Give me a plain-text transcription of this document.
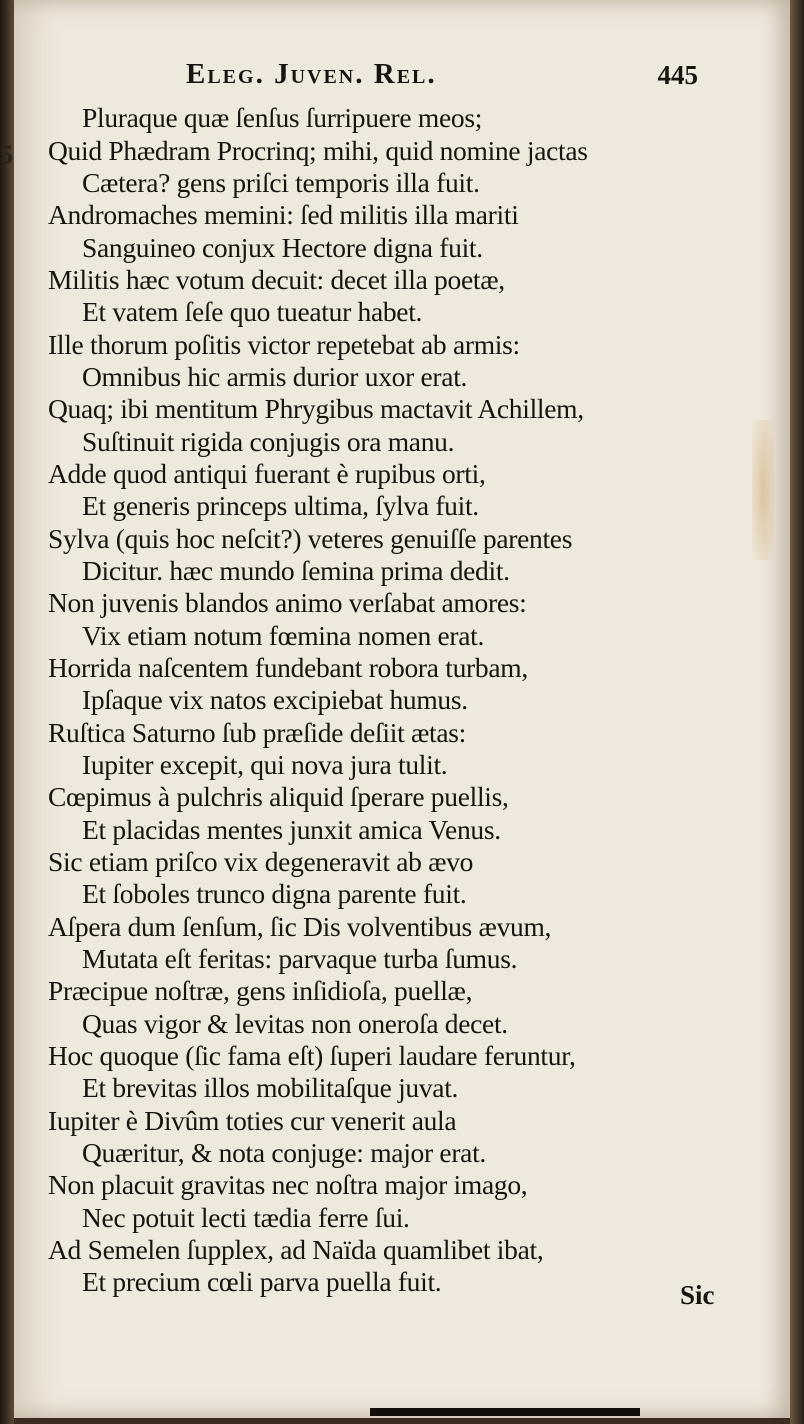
Eleg. Juven. Rel.	445
5
Pluraque quæ ſenſus ſurripuere meos;
Quid Phædram Procrinq; mihi, quid nomine jactas
Cætera? gens priſci temporis illa fuit.
Andromaches memini: ſed militis illa mariti
Sanguineo conjux Hectore digna fuit.
Militis hæc votum decuit: decet illa poetæ,
Et vatem ſeſe quo tueatur habet.
Ille thorum poſitis victor repetebat ab armis:
Omnibus hic armis durior uxor erat.
Quaq; ibi mentitum Phrygibus mactavit Achillem,
Suſtinuit rigida conjugis ora manu.
Adde quod antiqui fuerant è rupibus orti,
Et generis princeps ultima, ſylva fuit.
Sylva (quis hoc neſcit?) veteres genuiſſe parentes
Dicitur. hæc mundo ſemina prima dedit.
Non juvenis blandos animo verſabat amores:
Vix etiam notum fœmina nomen erat.
Horrida naſcentem fundebant robora turbam,
Ipſaque vix natos excipiebat humus.
Ruſtica Saturno ſub præſide deſiit ætas:
Iupiter excepit, qui nova jura tulit.
Cœpimus à pulchris aliquid ſperare puellis,
Et placidas mentes junxit amica Venus.
Sic etiam priſco vix degeneravit ab ævo
Et ſoboles trunco digna parente fuit.
Aſpera dum ſenſum, ſic Dis volventibus ævum,
Mutata eſt feritas: parvaque turba ſumus.
Præcipue noſtræ, gens inſidioſa, puellæ,
Quas vigor & levitas non oneroſa decet.
Hoc quoque (ſic fama eſt) ſuperi laudare feruntur,
Et brevitas illos mobilitaſque juvat.
Iupiter è Divûm toties cur venerit aula
Quæritur, & nota conjuge: major erat.
Non placuit gravitas nec noſtra major imago,
Nec potuit lecti tædia ferre ſui.
Ad Semelen ſupplex, ad Naïda quamlibet ibat,
Et precium cœli parva puella fuit.	Sic
